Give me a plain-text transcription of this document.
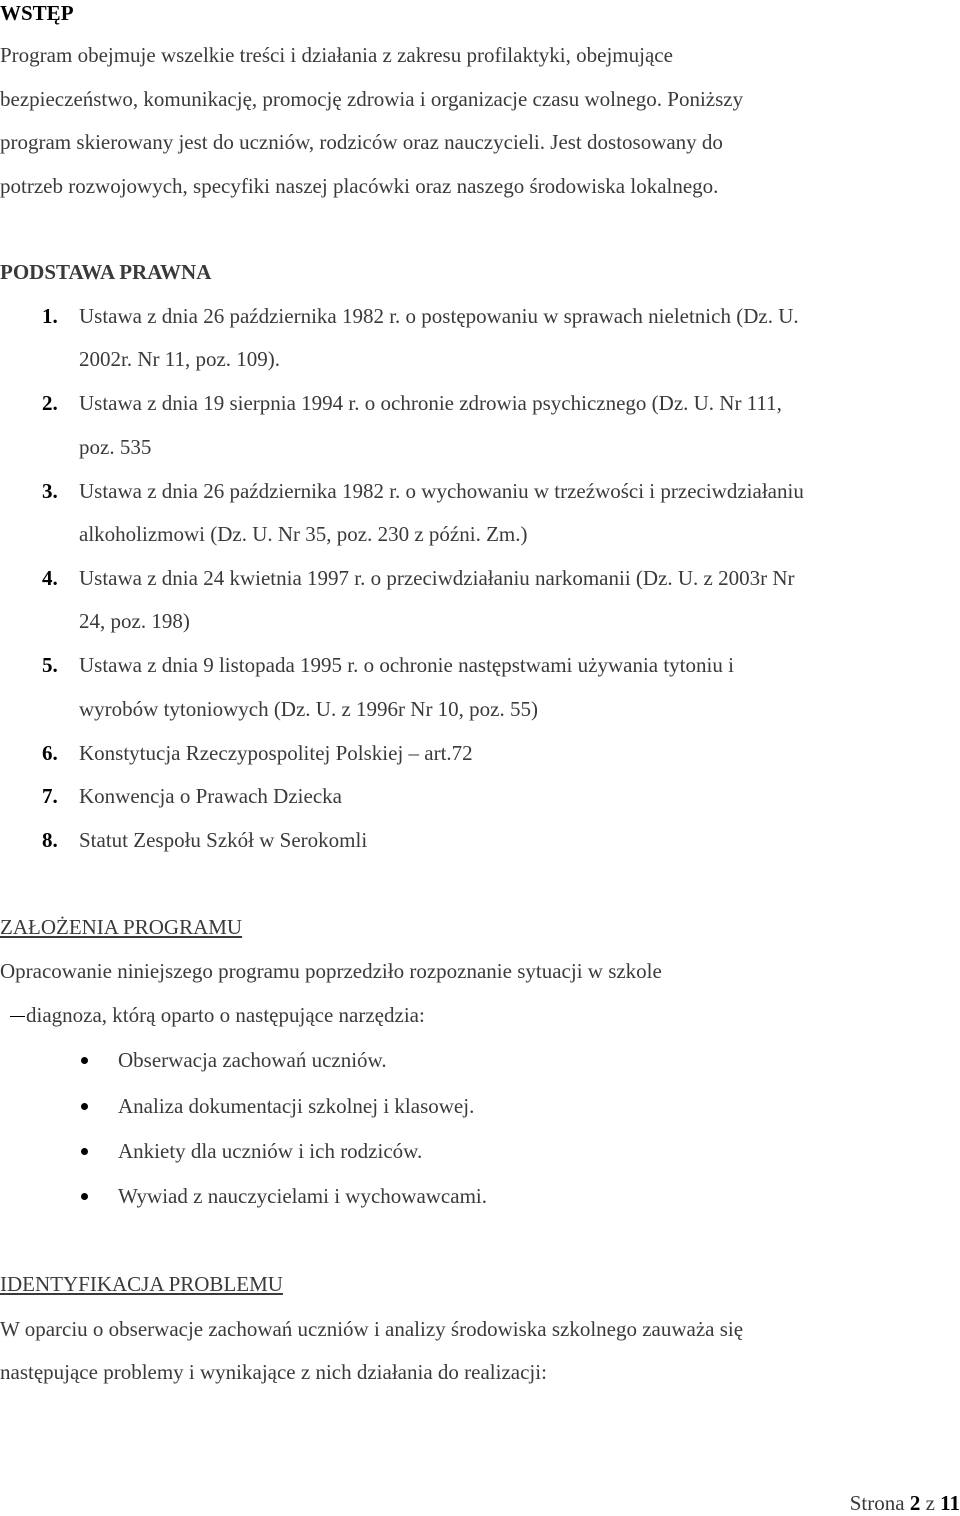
WSTĘP
Program obejmuje wszelkie treści i działania z zakresu profilaktyki, obejmujące
bezpieczeństwo, komunikację, promocję zdrowia i organizacje czasu wolnego. Poniższy
program skierowany jest do uczniów, rodziców oraz nauczycieli. Jest dostosowany do
potrzeb rozwojowych, specyfiki naszej placówki oraz naszego środowiska lokalnego.
PODSTAWA PRAWNA
1. Ustawa z dnia 26 października 1982 r. o postępowaniu w sprawach nieletnich (Dz. U.
2002r. Nr 11, poz. 109).
2. Ustawa z dnia 19 sierpnia 1994 r. o ochronie zdrowia psychicznego (Dz. U. Nr 111,
poz. 535
3. Ustawa z dnia 26 października 1982 r. o wychowaniu w trzeźwości i przeciwdziałaniu
alkoholizmowi (Dz. U. Nr 35, poz. 230 z późni. Zm.)
4. Ustawa z dnia 24 kwietnia 1997 r. o przeciwdziałaniu narkomanii (Dz. U. z 2003r Nr
24, poz. 198)
5. Ustawa z dnia 9 listopada 1995 r. o ochronie następstwami używania tytoniu i
wyrobów tytoniowych (Dz. U. z 1996r Nr 10, poz. 55)
6. Konstytucja Rzeczypospolitej Polskiej – art.72
7. Konwencja o Prawach Dziecka
8. Statut Zespołu Szkół w Serokomli
ZAŁOŻENIA PROGRAMU
Opracowanie niniejszego programu poprzedziło rozpoznanie sytuacji w szkole
diagnoza, którą oparto o następujące narzędzia:
Obserwacja zachowań uczniów.
Analiza dokumentacji szkolnej i klasowej.
Ankiety dla uczniów i ich rodziców.
Wywiad z nauczycielami i wychowawcami.
IDENTYFIKACJA PROBLEMU
W oparciu o obserwacje zachowań uczniów i analizy środowiska szkolnego zauważa się
następujące problemy i wynikające z nich działania do realizacji:
Strona 2 z 11
